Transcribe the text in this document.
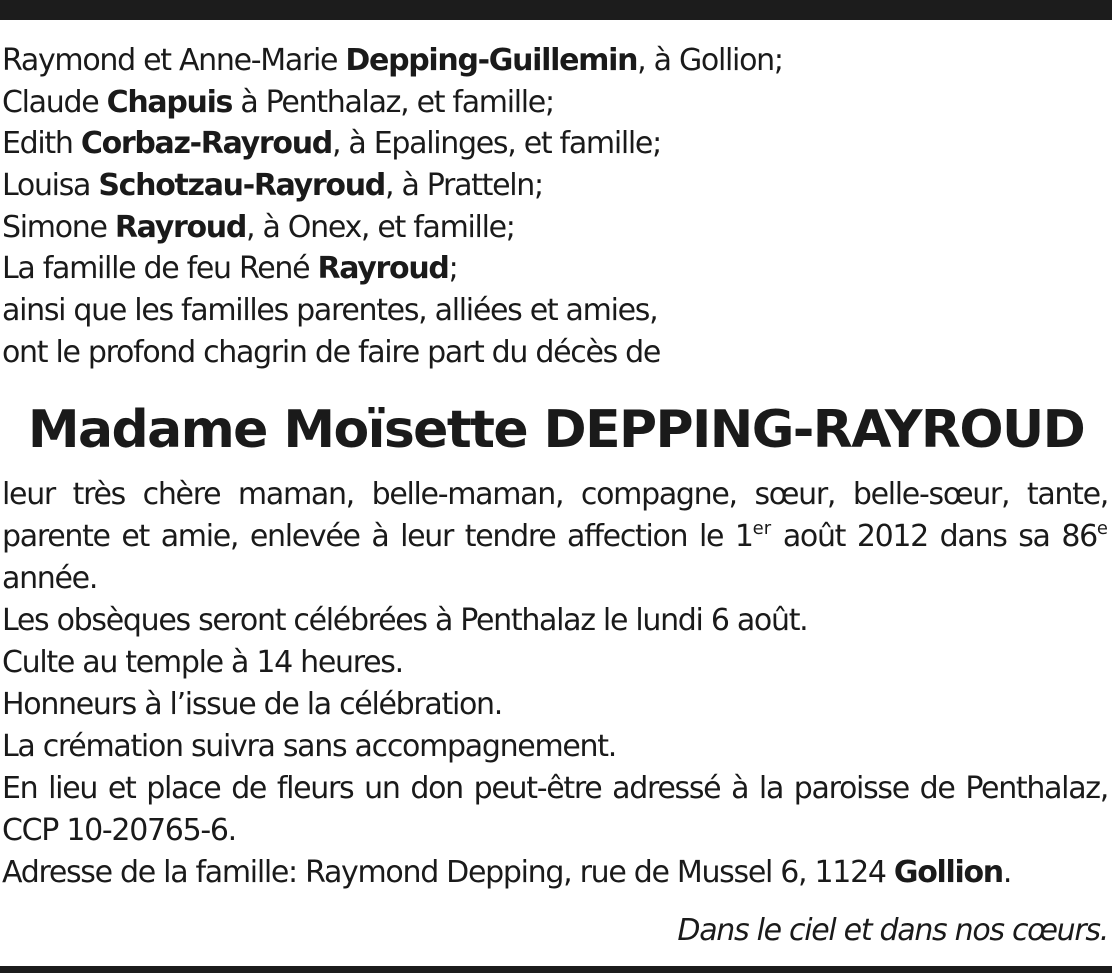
Raymond et Anne-Marie Depping-Guillemin, à Gollion;
Claude Chapuis à Penthalaz, et famille;
Edith Corbaz-Rayroud, à Epalinges, et famille;
Louisa Schotzau-Rayroud, à Pratteln;
Simone Rayroud, à Onex, et famille;
La famille de feu René Rayroud;
ainsi que les familles parentes, alliées et amies,
ont le profond chagrin de faire part du décès de
Madame Moïsette DEPPING-RAYROUD

leur très chère maman, belle-maman, compagne, sœur, belle-sœur, tante, parente et amie, enlevée à leur tendre affection le 1er août 2012 dans sa 86e année.

Les obsèques seront célébrées à Penthalaz le lundi 6 août.

Culte au temple à 14 heures.

Honneurs à l’issue de la célébration.

La crémation suivra sans accompagnement.

En lieu et place de fleurs un don peut-être adressé à la paroisse de Penthalaz, CCP 10-20765-6.

Adresse de la famille: Raymond Depping, rue de Mussel 6, 1124 Gollion.

Dans le ciel et dans nos cœurs.
